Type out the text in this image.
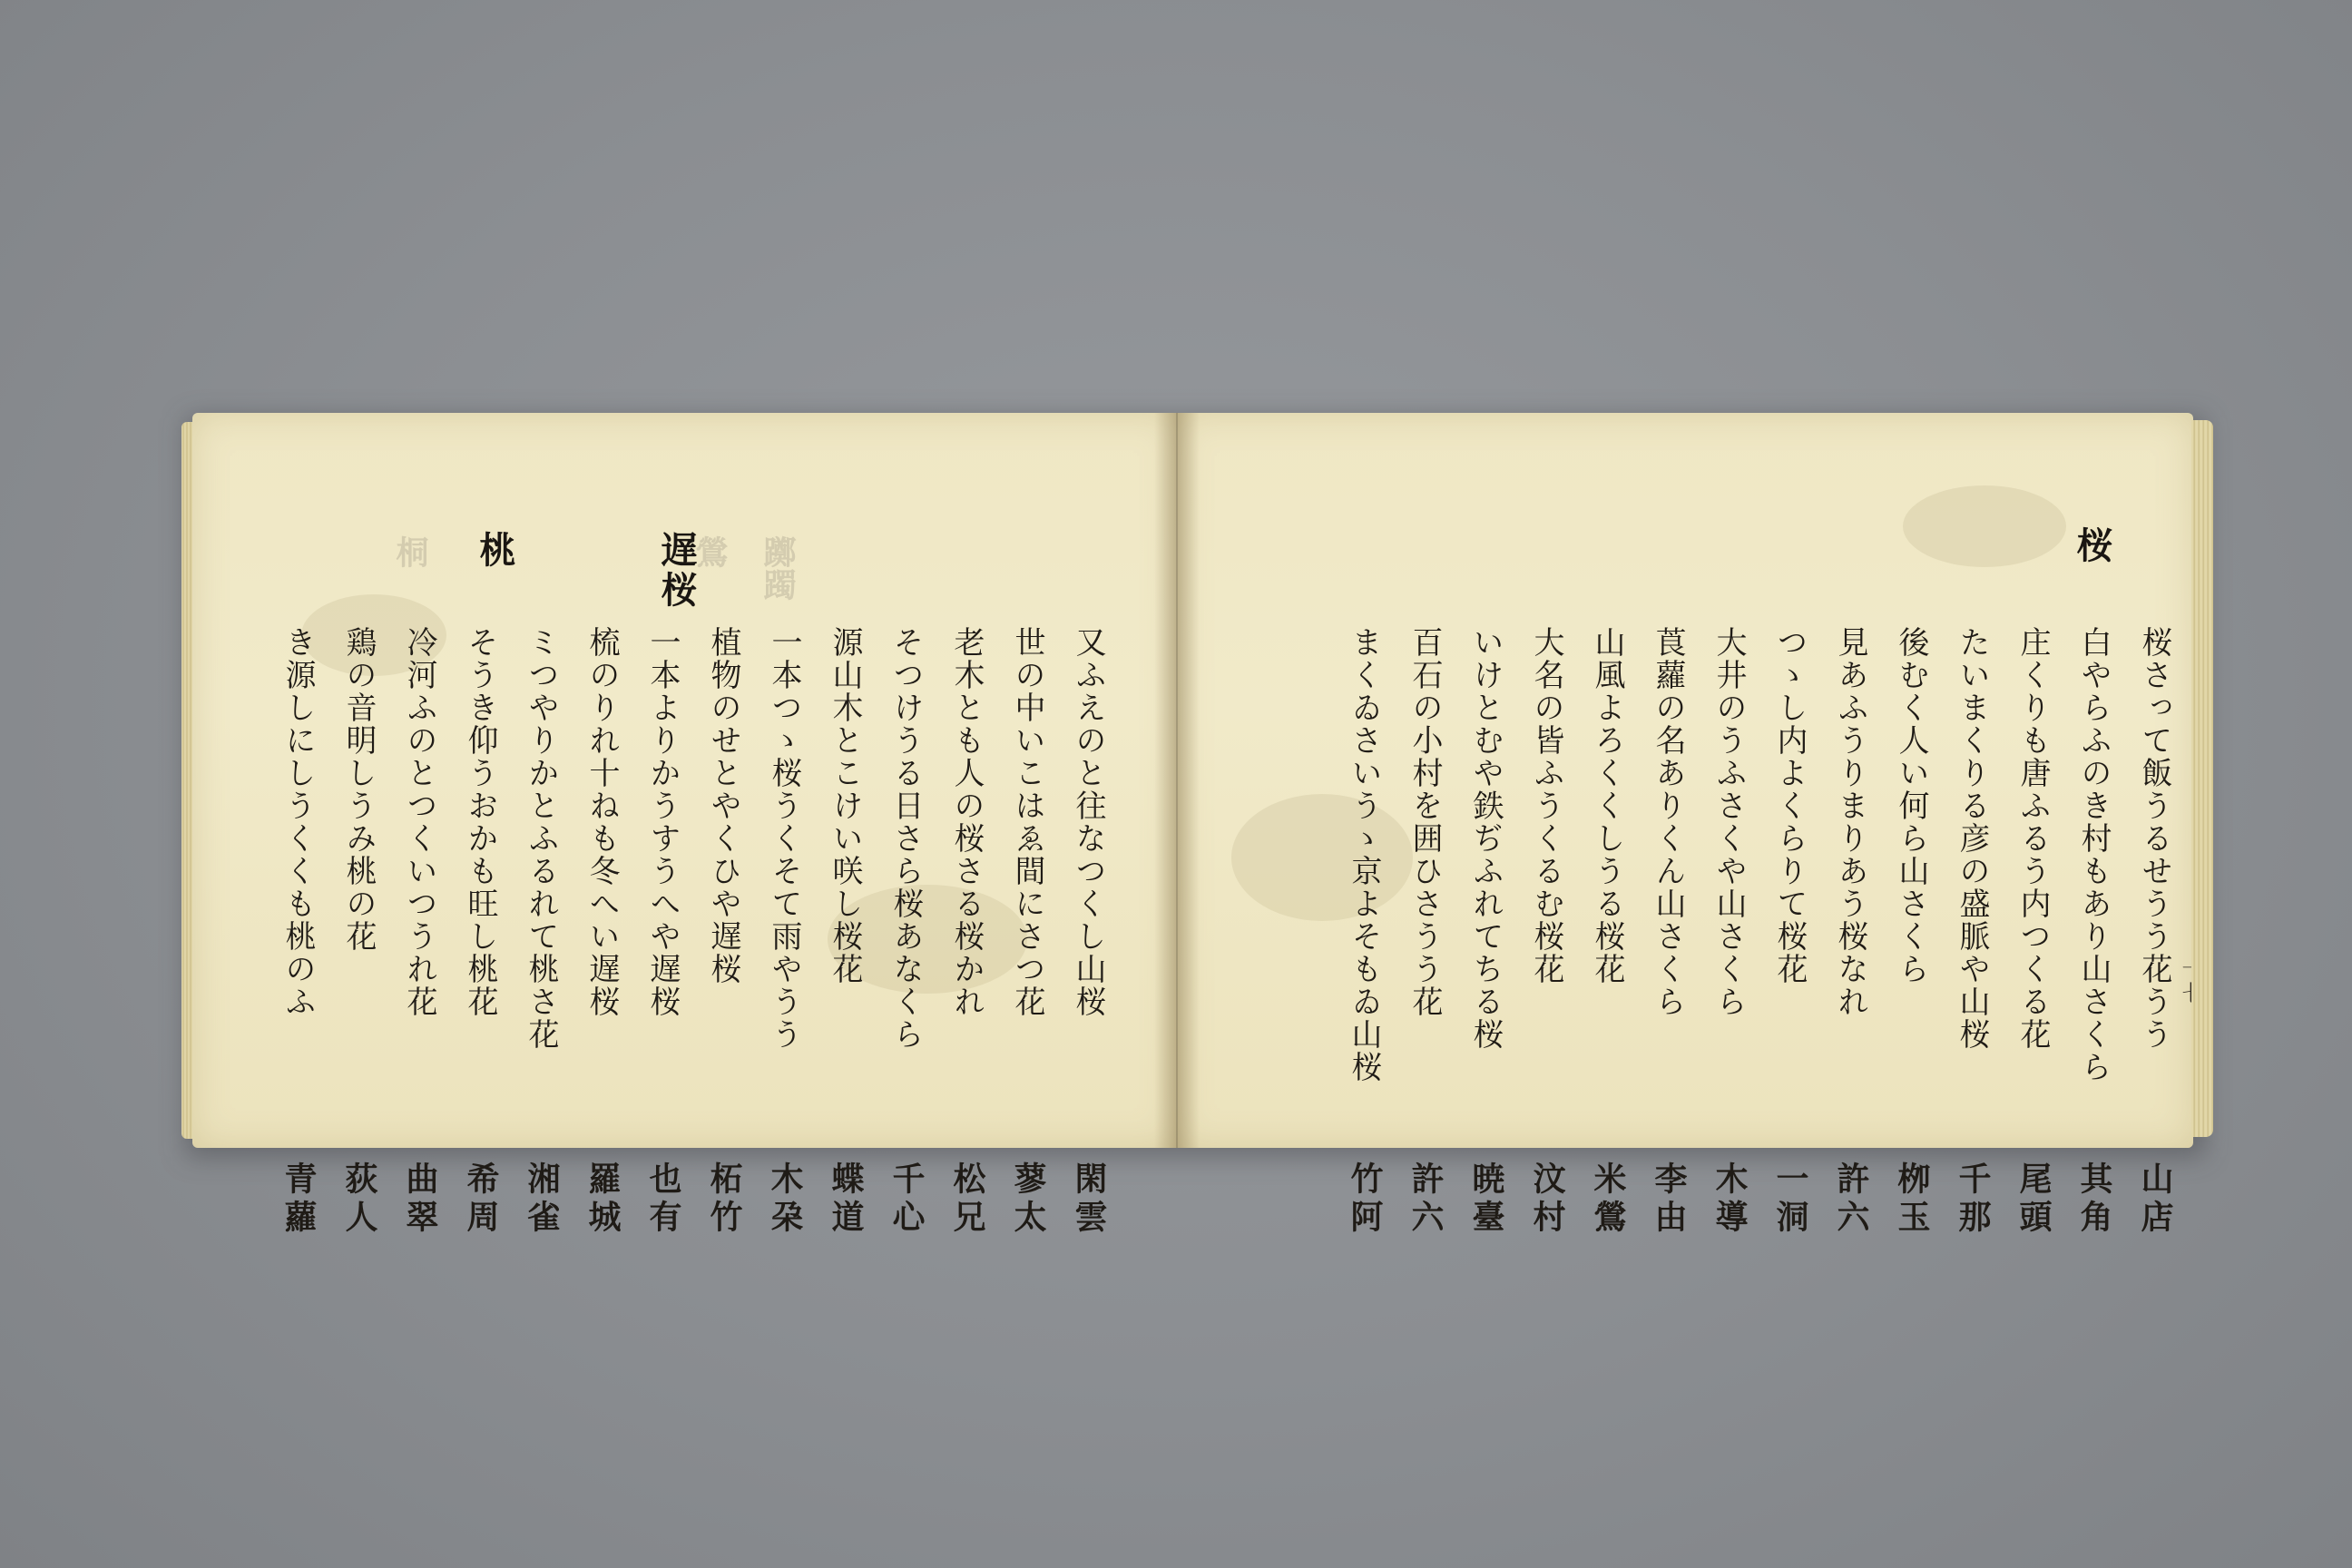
躑躅
鶯
桐 桃	遅桜
又ふえのと往なつくし山桜
閑雲
世の中いこはゑ間にさつ花
蓼太
老木とも人の桜さる桜かれ
松兄
そつけうる日さら桜あなくら
千心
源山木とこけい咲し桜花
蝶道
一本つゝ桜うくそて雨やうう
木朶
植物のせとやくひや遅桜
柘竹
一本よりかうすうへや遅桜
也有
梳のりれ十ねも冬へい遅桜
羅城
ミつやりかとふるれて桃さ花
湘雀
そうき仰うおかも旺し桃花
希周
冷河ふのとつくいつうれ花
曲翠
鶏の音明しうみ桃の花
荻人
き源しにしうくくも桃のふ
青蘿
桜
桜さって飯うるせうう花うう
山店
白やらふのき村もあり山さくら
其角
庄くりも唐ふるう内つくる花
尾頭
たいまくりる彦の盛脈や山桜
千那
後むく人い何ら山さくら
栁玉
見あふうりまりあう桜なれ
許六
つゝし内よくらりて桜花
一洞
大井のうふさくや山さくら
木導
莨蘿の名ありくん山さくら
李由
山風よろくくしうる桜花
米鶯
大名の皆ふうくるむ桜花
汶村
いけとむや鉄ぢふれてちる桜
暁臺
百石の小村を囲ひさうう花
許六
まくゐさいうゝ京よそもゐ山桜
竹阿
